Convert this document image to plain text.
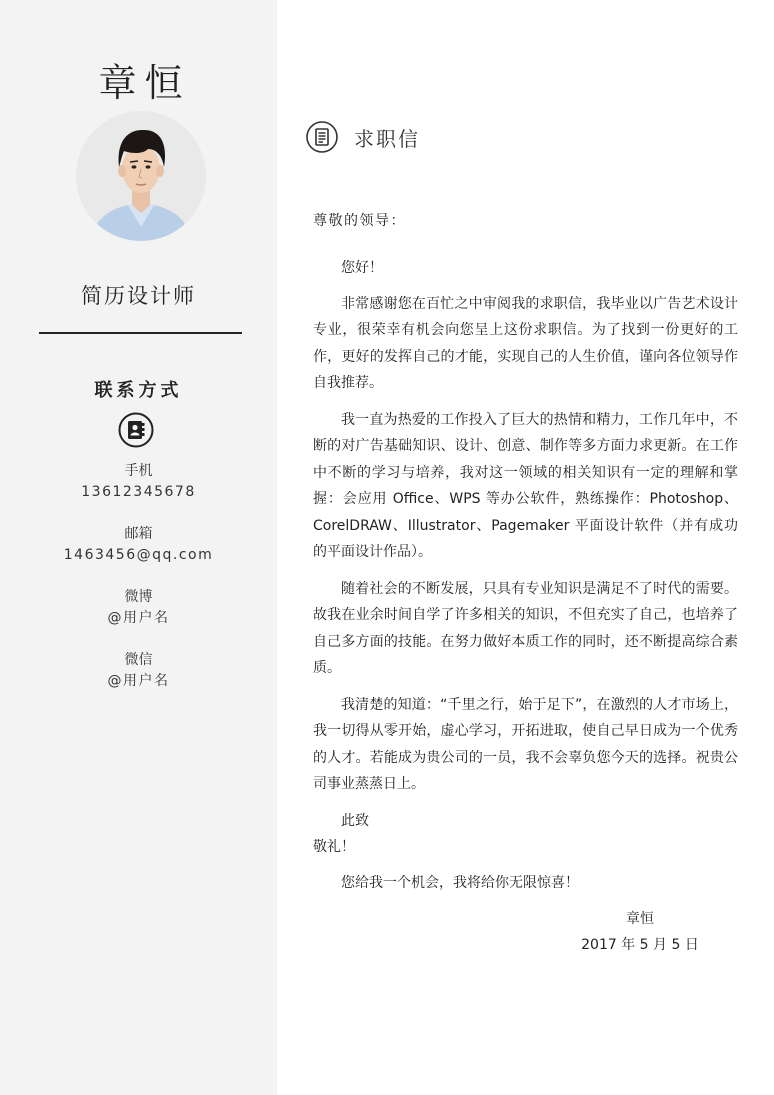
章恒
简历设计师
联系方式
手机
13612345678
邮箱
1463456@qq.com
微博
@用户名
微信
@用户名
求职信
尊敬的领导：

您好！

非常感谢您在百忙之中审阅我的求职信，我毕业以广告艺术设计专业，很荣幸有机会向您呈上这份求职信。为了找到一份更好的工作，更好的发挥自己的才能，实现自己的人生价值，谨向各位领导作自我推荐。

我一直为热爱的工作投入了巨大的热情和精力，工作几年中，不断的对广告基础知识、设计、创意、制作等多方面力求更新。在工作中不断的学习与培养，我对这一领域的相关知识有一定的理解和掌握：会应用 Office、WPS 等办公软件，熟练操作：Photoshop、CorelDRAW、Illustrator、Pagemaker 平面设计软件（并有成功的平面设计作品）。

随着社会的不断发展，只具有专业知识是满足不了时代的需要。故我在业余时间自学了许多相关的知识，不但充实了自己，也培养了自己多方面的技能。在努力做好本质工作的同时，还不断提高综合素质。

我清楚的知道：“千里之行，始于足下”，在激烈的人才市场上，我一切得从零开始，虚心学习，开拓进取，使自己早日成为一个优秀的人才。若能成为贵公司的一员，我不会辜负您今天的选择。祝贵公司事业蒸蒸日上。

此致
敬礼！
您给我一个机会，我将给你无限惊喜！
章恒
2017 年 5 月 5 日
